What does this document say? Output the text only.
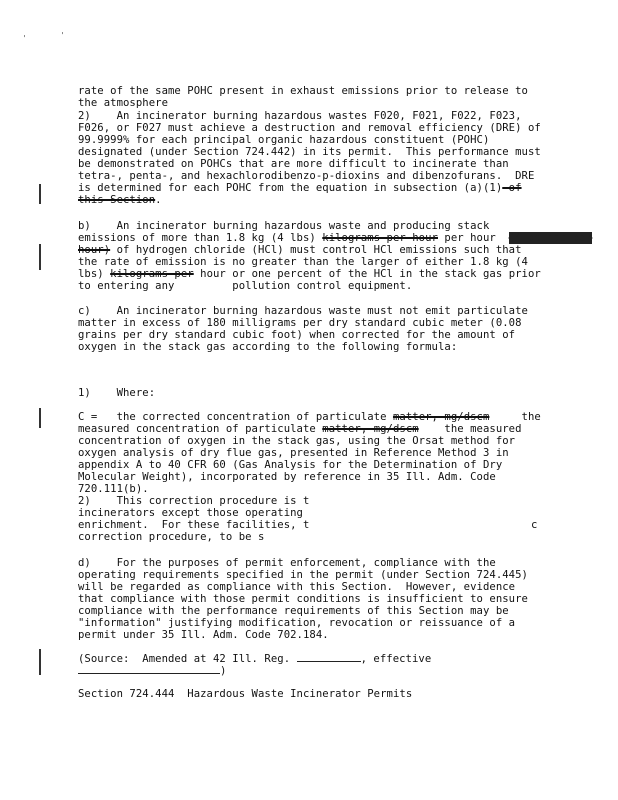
'	'
rate of the same POHC present in exhaust emissions prior to release to
the atmosphere
2)    An incinerator burning hazardous wastes F020, F021, F022, F023,
F026, or F027 must achieve a destruction and removal efficiency (DRE) of
99.9999% for each principal organic hazardous constituent (POHC)
designated (under Section 724.442) in its permit.  This performance must
be demonstrated on POHCs that are more difficult to incinerate than
tetra-, penta-, and hexachlorodibenzo-p-dioxins and dibenzofurans.  DRE
is determined for each POHC from the equation in subsection (a)(1) of
this Section.
b)    An incinerator burning hazardous waste and producing stack
emissions of more than 1.8 kg (4 lbs) kilograms per hour per hour  (4 pounds per
hour) of hydrogen chloride (HCl) must control HCl emissions such that
the rate of emission is no greater than the larger of either 1.8 kg (4
lbs) kilograms per hour or one percent of the HCl in the stack gas prior
to entering any         pollution control equipment.
c)    An incinerator burning hazardous waste must not emit particulate
matter in excess of 180 milligrams per dry standard cubic meter (0.08
grains per dry standard cubic foot) when corrected for the amount of
oxygen in the stack gas according to the following formula:
1)    Where:
C =   the corrected concentration of particulate matter, mg/dscm     the
measured concentration of particulate matter, mg/dscm    the measured
concentration of oxygen in the stack gas, using the Orsat method for
oxygen analysis of dry flue gas, presented in Reference Method 3 in
appendix A to 40 CFR 60 (Gas Analysis for the Determination of Dry
Molecular Weight), incorporated by reference in 35 Ill. Adm. Code
720.111(b).
2)    This correction procedure is t
incinerators except those operating
enrichment.  For these facilities, t
correction procedure, to be s
c
d)    For the purposes of permit enforcement, compliance with the
operating requirements specified in the permit (under Section 724.445)
will be regarded as compliance with this Section.  However, evidence
that compliance with those permit conditions is insufficient to ensure
compliance with the performance requirements of this Section may be
"information" justifying modification, revocation or reissuance of a
permit under 35 Ill. Adm. Code 702.184.
(Source:  Amended at 42 Ill. Reg.	, effective
)
Section 724.444  Hazardous Waste Incinerator Permits
